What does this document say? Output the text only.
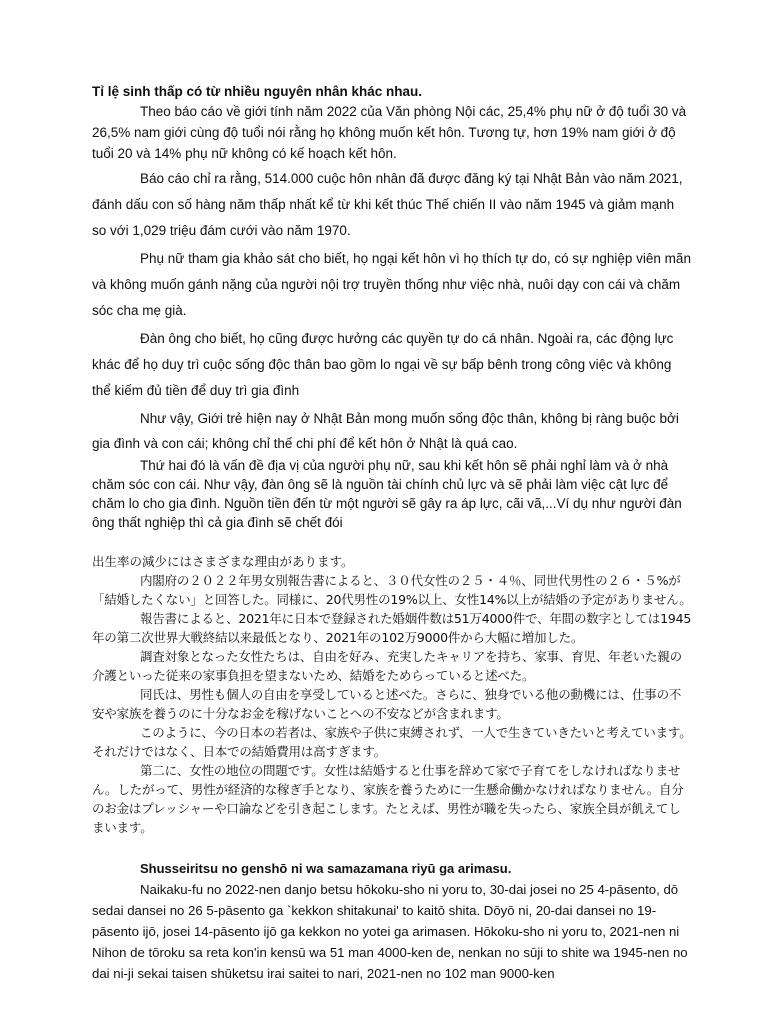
Tỉ lệ sinh thấp có từ nhiều nguyên nhân khác nhau.

Theo báo cáo về giới tính năm 2022 của Văn phòng Nội các, 25,4% phụ nữ ở độ tuổi 30 và 26,5% nam giới cùng độ tuổi nói rằng họ không muốn kết hôn. Tương tự, hơn 19% nam giới ở độ tuổi 20 và 14% phụ nữ không có kế hoạch kết hôn.

Báo cáo chỉ ra rằng, 514.000 cuộc hôn nhân đã được đăng ký tại Nhật Bản vào năm 2021, đánh dấu con số hàng năm thấp nhất kể từ khi kết thúc Thế chiến II vào năm 1945 và giảm mạnh so với 1,029 triệu đám cưới vào năm 1970.

Phụ nữ tham gia khảo sát cho biết, họ ngại kết hôn vì họ thích tự do, có sự nghiệp viên mãn và không muốn gánh nặng của người nội trợ truyền thống như việc nhà, nuôi dạy con cái và chăm sóc cha mẹ già.

Đàn ông cho biết, họ cũng được hưởng các quyền tự do cá nhân. Ngoài ra, các động lực khác để họ duy trì cuộc sống độc thân bao gồm lo ngại về sự bấp bênh trong công việc và không thể kiếm đủ tiền để duy trì gia đình

Như vậy, Giới trẻ hiện nay ở Nhật Bản mong muốn sống độc thân, không bị ràng buộc bởi gia đình và con cái; không chỉ thế chi phí để kết hôn ở Nhật là quá cao.

Thứ hai đó là vấn đề địa vị của người phụ nữ, sau khi kết hôn sẽ phải nghỉ làm và ở nhà chăm sóc con cái. Như vậy, đàn ông sẽ là nguồn tài chính chủ lực và sẽ phải làm việc cật lực để chăm lo cho gia đình. Nguồn tiền đến từ một người sẽ gây ra áp lực, cãi vã,...Ví dụ như người đàn ông thất nghiệp thì cả gia đình sẽ chết đói

出生率の減少にはさまざまな理由があります。

内閣府の２０２２年男女別報告書によると、３０代女性の２５・４％、同世代男性の２６・５%が「結婚したくない」と回答した。同様に、20代男性の19%以上、女性14%以上が結婚の予定がありません。

報告書によると、2021年に日本で登録された婚姻件数は51万4000件で、年間の数字としては1945年の第二次世界大戦終結以来最低となり、2021年の102万9000件から大幅に増加した。

調査対象となった女性たちは、自由を好み、充実したキャリアを持ち、家事、育児、年老いた親の介護といった従来の家事負担を望まないため、結婚をためらっていると述べた。

同氏は、男性も個人の自由を享受していると述べた。さらに、独身でいる他の動機には、仕事の不安や家族を養うのに十分なお金を稼げないことへの不安などが含まれます。

このように、今の日本の若者は、家族や子供に束縛されず、一人で生きていきたいと考えています。それだけではなく、日本での結婚費用は高すぎます。

第二に、女性の地位の問題です。女性は結婚すると仕事を辞めて家で子育てをしなければなりません。したがって、男性が経済的な稼ぎ手となり、家族を養うために一生懸命働かなければなりません。自分のお金はプレッシャーや口論などを引き起こします。たとえば、男性が職を失ったら、家族全員が飢えてしまいます。

Shusseiritsu no genshō ni wa samazamana riyū ga arimasu.

Naikaku-fu no 2022-nen danjo betsu hōkoku-sho ni yoru to, 30-dai josei no 25 4-pāsento, dō sedai dansei no 26 5-pāsento ga `kekkon shitakunai' to kaitō shita. Dōyō ni, 20-dai dansei no 19-pāsento ijō, josei 14-pāsento ijō ga kekkon no yotei ga arimasen. Hōkoku-sho ni yoru to, 2021-nen ni Nihon de tōroku sa reta kon'in kensū wa 51 man 4000-ken de, nenkan no sūji to shite wa 1945-nen no dai ni-ji sekai taisen shūketsu irai saitei to nari, 2021-nen no 102 man 9000-ken
